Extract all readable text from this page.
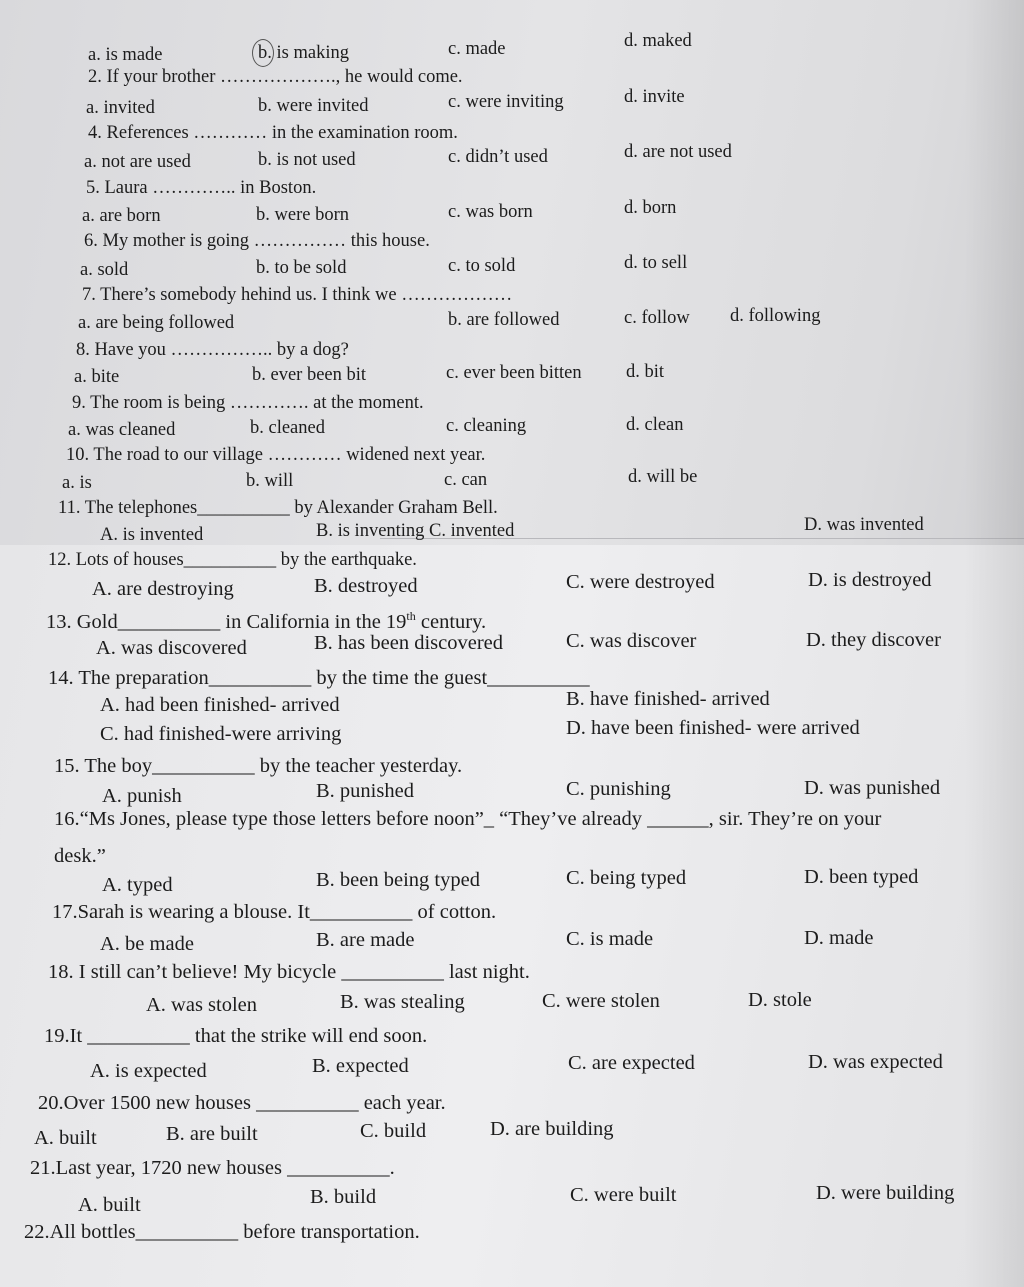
a. is made	b. is making	c. made	d. maked
2. If your brother ………………., he would come.
a. invited	b. were invited	c. were inviting	d. invite
4. References ………… in the examination room.
a. not are used	b. is not used	c. didn’t used	d. are not used
5. Laura ………….. in Boston.
a. are born	b. were born	c. was born	d. born
6. My mother is going …………… this house.
a. sold	b. to be sold	c. to sold	d. to sell
7. There’s somebody hehind us. I think we ………………
a. are being followed	b. are followed	c. follow d. following
8. Have you …………….. by a dog?
a. bite	b. ever been bit	c. ever been bitten d. bit
9. The room is being …………. at the moment.
a. was cleaned	b. cleaned	c. cleaning	d. clean
10. The road to our village ………… widened next year.
a. is	b. will	c. can	d. will be
11. The telephones__________ by Alexander Graham Bell.
A. is invented	B. is inventing C. invented	D. was invented
12. Lots of houses__________ by the earthquake.
A. are destroying	B. destroyed	C. were destroyed	D. is destroyed
13. Gold__________ in California in the 19th century.
A. was discovered	B. has been discovered	C. was discover	D. they discover
14. The preparation__________ by the time the guest__________
A. had been finished- arrived	B. have finished- arrived
C. had finished-were arriving	D. have been finished- were arrived
15. The boy__________ by the teacher yesterday.
A. punish	B. punished	C. punishing	D. was punished
16.“Ms Jones, please type those letters before noon”_ “They’ve already ______, sir. They’re on your
desk.”
A. typed	B. been being typed	C. being typed	D. been typed
17.Sarah is wearing a blouse. It__________ of cotton.
A. be made	B. are made	C. is made	D. made
18. I still can’t believe! My bicycle __________ last night.
A. was stolen	B. was stealing	C. were stolen	D. stole
19.It __________ that the strike will end soon.
A. is expected	B. expected	C. are expected	D. was expected
20.Over 1500 new houses __________ each year.
A. built	B. are built	C. build	D. are building
21.Last year, 1720 new houses __________.
A. built	B. build	C. were built	D. were building
22.All bottles__________ before transportation.
